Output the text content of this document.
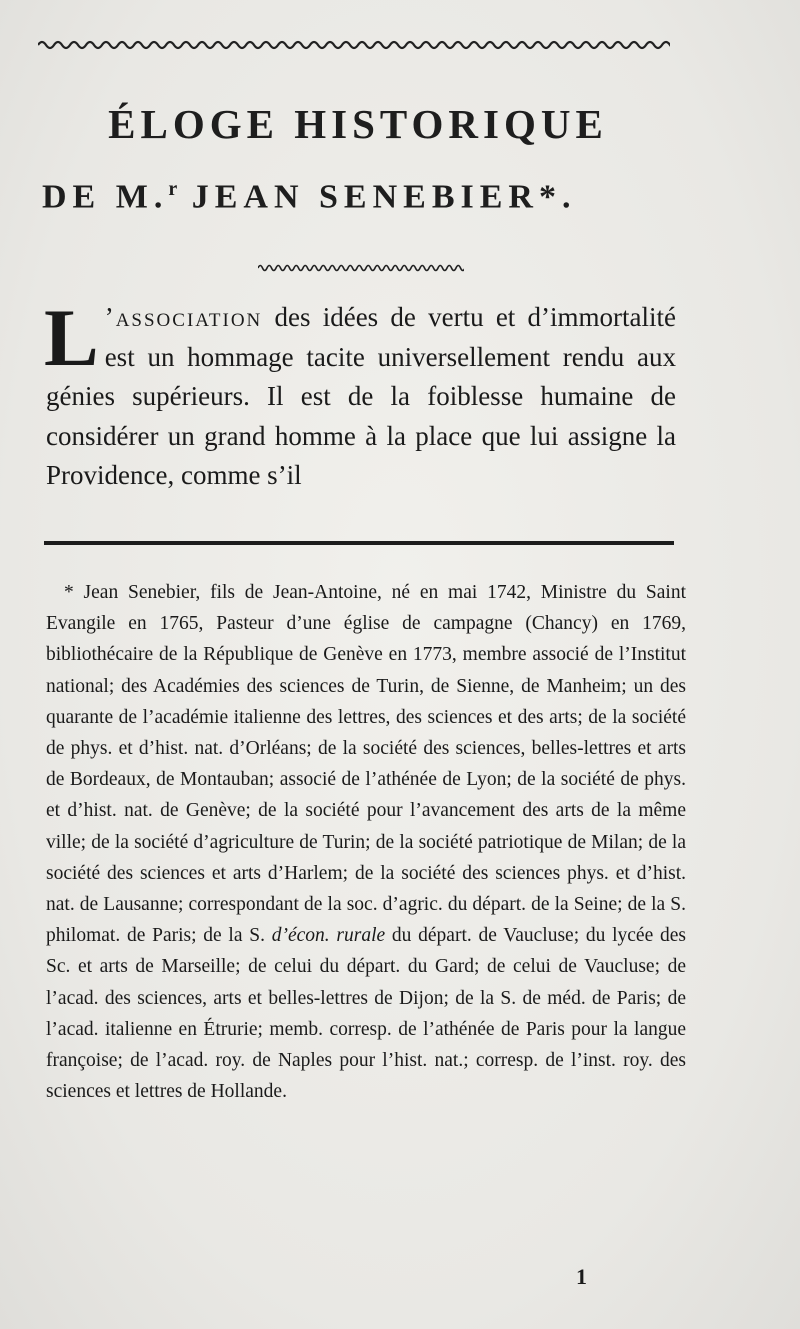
ÉLOGE HISTORIQUE
DE M.$^r$ JEAN SENEBIER*.
L ’association des idées de vertu et d’immortalité est un hommage tacite universellement rendu aux génies supérieurs. Il est de la foiblesse humaine de considérer un grand homme à la place que lui assigne la Providence, comme s’il
* Jean Senebier, fils de Jean-Antoine, né en mai 1742, Ministre du Saint Evangile en 1765, Pasteur d’une église de campagne (Chancy) en 1769, bibliothécaire de la République de Genève en 1773, membre associé de l’Institut national; des Académies des sciences de Turin, de Sienne, de Manheim; un des quarante de l’académie italienne des lettres, des sciences et des arts; de la société de phys. et d’hist. nat. d’Orléans; de la société des sciences, belles-lettres et arts de Bordeaux, de Montauban; associé de l’athénée de Lyon; de la société de phys. et d’hist. nat. de Genève; de la société pour l’avancement des arts de la même ville; de la société d’agriculture de Turin; de la société patriotique de Milan; de la société des sciences et arts d’Harlem; de la société des sciences phys. et d’hist. nat. de Lausanne; correspondant de la soc. d’agric. du départ. de la Seine; de la S. philomat. de Paris; de la S. d’écon. rurale du départ. de Vaucluse; du lycée des Sc. et arts de Marseille; de celui du départ. du Gard; de celui de Vaucluse; de l’acad. des sciences, arts et belles-lettres de Dijon; de la S. de méd. de Paris; de l’acad. italienne en Étrurie; memb. corresp. de l’athénée de Paris pour la langue françoise; de l’acad. roy. de Naples pour l’hist. nat.; corresp. de l’inst. roy. des sciences et lettres de Hollande.
1
